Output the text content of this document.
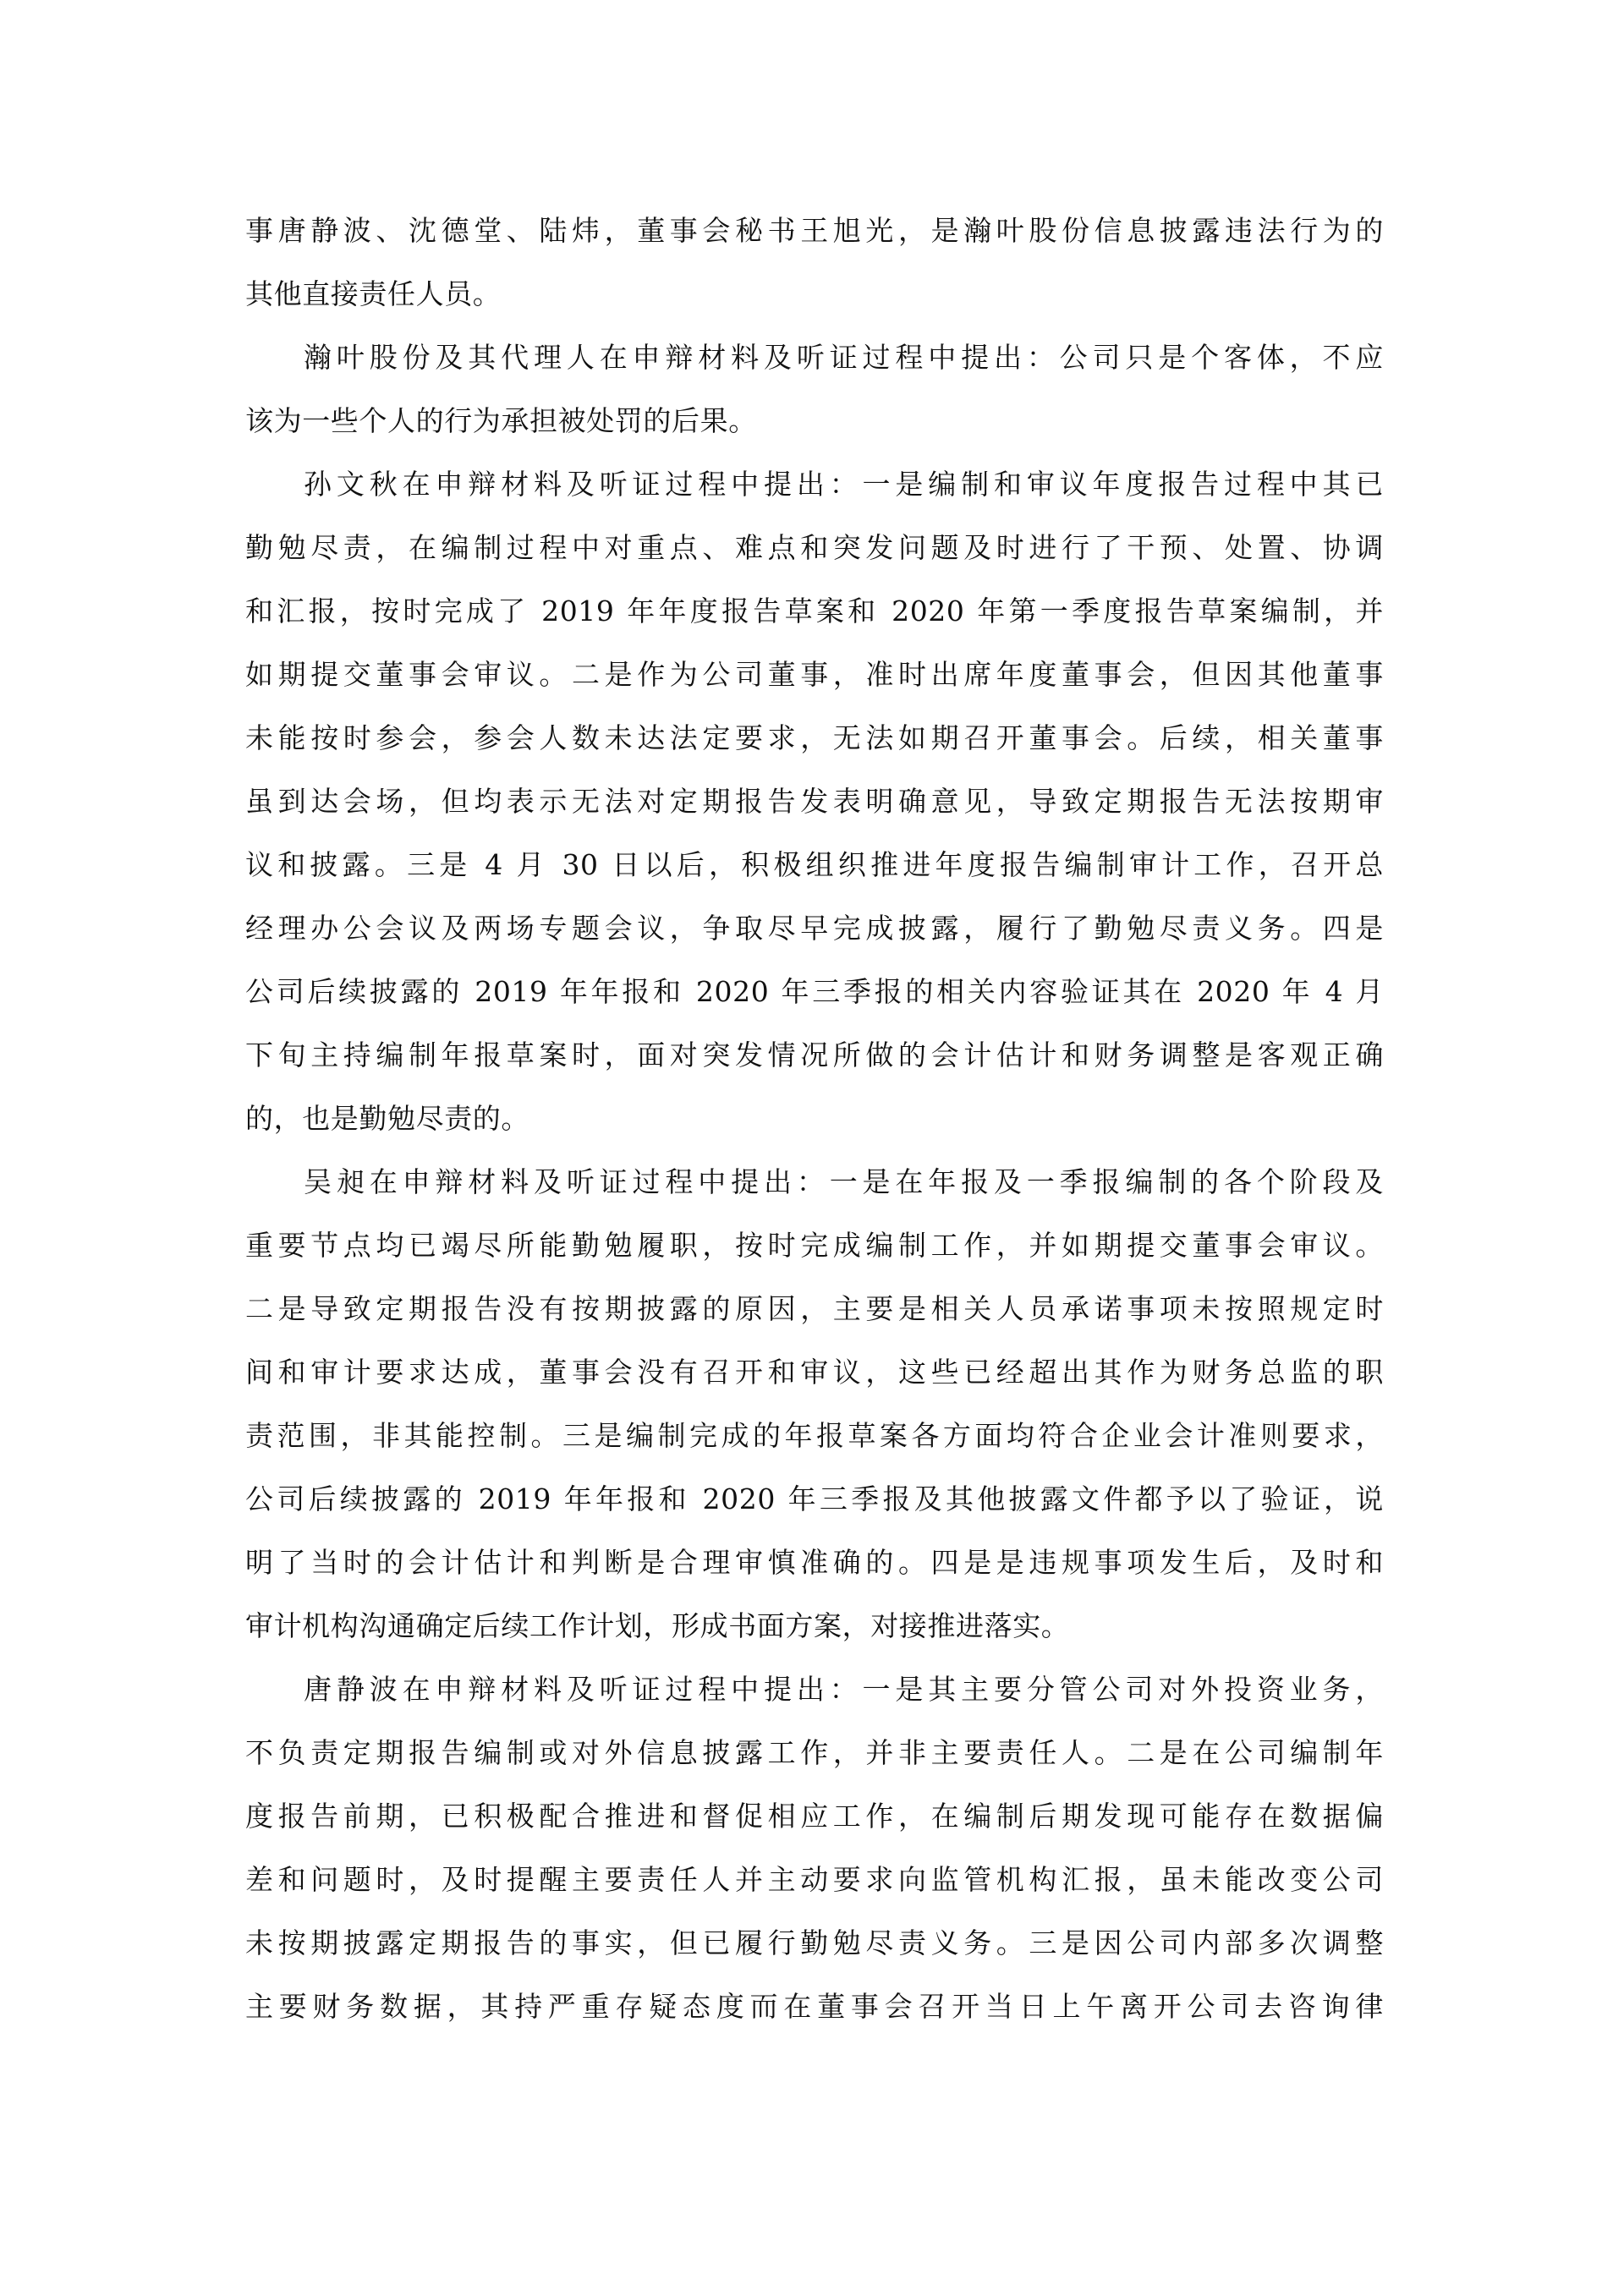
事唐静波、沈德堂、陆炜，董事会秘书王旭光，是瀚叶股份信息披露违法行为的
其他直接责任人员。
瀚叶股份及其代理人在申辩材料及听证过程中提出：公司只是个客体，不应
该为一些个人的行为承担被处罚的后果。
孙文秋在申辩材料及听证过程中提出：一是编制和审议年度报告过程中其已
勤勉尽责，在编制过程中对重点、难点和突发问题及时进行了干预、处置、协调
和汇报，按时完成了 2019 年年度报告草案和 2020 年第一季度报告草案编制，并
如期提交董事会审议。二是作为公司董事，准时出席年度董事会，但因其他董事
未能按时参会，参会人数未达法定要求，无法如期召开董事会。后续，相关董事
虽到达会场，但均表示无法对定期报告发表明确意见，导致定期报告无法按期审
议和披露。三是 4 月 30 日以后，积极组织推进年度报告编制审计工作，召开总
经理办公会议及两场专题会议，争取尽早完成披露，履行了勤勉尽责义务。四是
公司后续披露的 2019 年年报和 2020 年三季报的相关内容验证其在 2020 年 4 月
下旬主持编制年报草案时，面对突发情况所做的会计估计和财务调整是客观正确
的，也是勤勉尽责的。
吴昶在申辩材料及听证过程中提出：一是在年报及一季报编制的各个阶段及
重要节点均已竭尽所能勤勉履职，按时完成编制工作，并如期提交董事会审议。
二是导致定期报告没有按期披露的原因，主要是相关人员承诺事项未按照规定时
间和审计要求达成，董事会没有召开和审议，这些已经超出其作为财务总监的职
责范围，非其能控制。三是编制完成的年报草案各方面均符合企业会计准则要求，
公司后续披露的 2019 年年报和 2020 年三季报及其他披露文件都予以了验证，说
明了当时的会计估计和判断是合理审慎准确的。四是是违规事项发生后，及时和
审计机构沟通确定后续工作计划，形成书面方案，对接推进落实。
唐静波在申辩材料及听证过程中提出：一是其主要分管公司对外投资业务，
不负责定期报告编制或对外信息披露工作，并非主要责任人。二是在公司编制年
度报告前期，已积极配合推进和督促相应工作，在编制后期发现可能存在数据偏
差和问题时，及时提醒主要责任人并主动要求向监管机构汇报，虽未能改变公司
未按期披露定期报告的事实，但已履行勤勉尽责义务。三是因公司内部多次调整
主要财务数据，其持严重存疑态度而在董事会召开当日上午离开公司去咨询律
